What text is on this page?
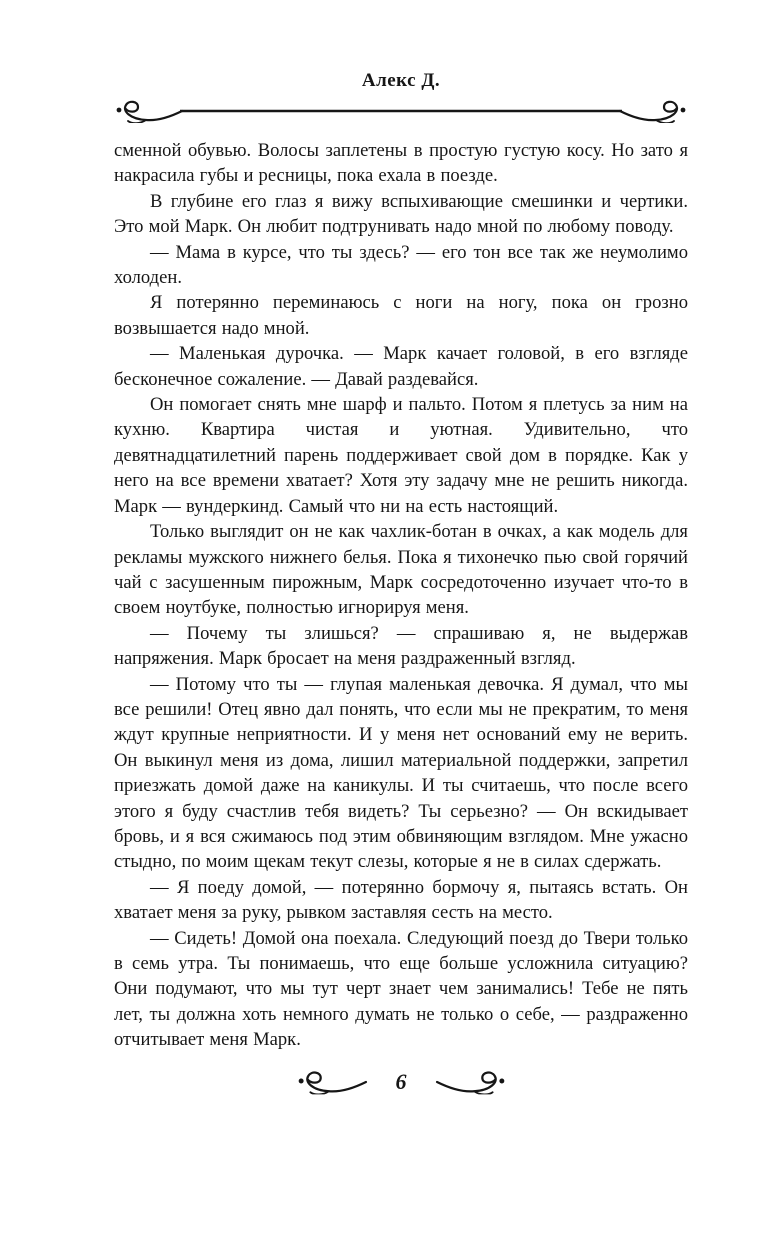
Алекс Д.

сменной обувью. Волосы заплетены в простую густую косу. Но зато я накрасила губы и ресницы, пока ехала в поезде.

В глубине его глаз я вижу вспыхивающие смешинки и чертики. Это мой Марк. Он любит подтрунивать надо мной по любому поводу.

— Мама в курсе, что ты здесь? — его тон все так же неумолимо холоден.

Я потерянно переминаюсь с ноги на ногу, пока он грозно возвышается надо мной.

— Маленькая дурочка. — Марк качает головой, в его взгляде бесконечное сожаление. — Давай раздевайся.

Он помогает снять мне шарф и пальто. Потом я плетусь за ним на кухню. Квартира чистая и уютная. Удивительно, что девятнадцатилетний парень поддерживает свой дом в порядке. Как у него на все времени хватает? Хотя эту задачу мне не решить никогда. Марк — вундеркинд. Самый что ни на есть настоящий.

Только выглядит он не как чахлик-ботан в очках, а как модель для рекламы мужского нижнего белья. Пока я тихонечко пью свой горячий чай с засушенным пирожным, Марк сосредоточенно изучает что-то в своем ноутбуке, полностью игнорируя меня.

— Почему ты злишься? — спрашиваю я, не выдержав напряжения. Марк бросает на меня раздраженный взгляд.

— Потому что ты — глупая маленькая девочка. Я думал, что мы все решили! Отец явно дал понять, что если мы не прекратим, то меня ждут крупные неприятности. И у меня нет оснований ему не верить. Он выкинул меня из дома, лишил материальной поддержки, запретил приезжать домой даже на каникулы. И ты считаешь, что после всего этого я буду счастлив тебя видеть? Ты серьезно? — Он вскидывает бровь, и я вся сжимаюсь под этим обвиняющим взглядом. Мне ужасно стыдно, по моим щекам текут слезы, которые я не в силах сдержать.

— Я поеду домой, — потерянно бормочу я, пытаясь встать. Он хватает меня за руку, рывком заставляя сесть на место.

— Сидеть! Домой она поехала. Следующий поезд до Твери только в семь утра. Ты понимаешь, что еще больше усложнила ситуацию? Они подумают, что мы тут черт знает чем занимались! Тебе не пять лет, ты должна хоть немного думать не только о себе, — раздраженно отчитывает меня Марк.

6
